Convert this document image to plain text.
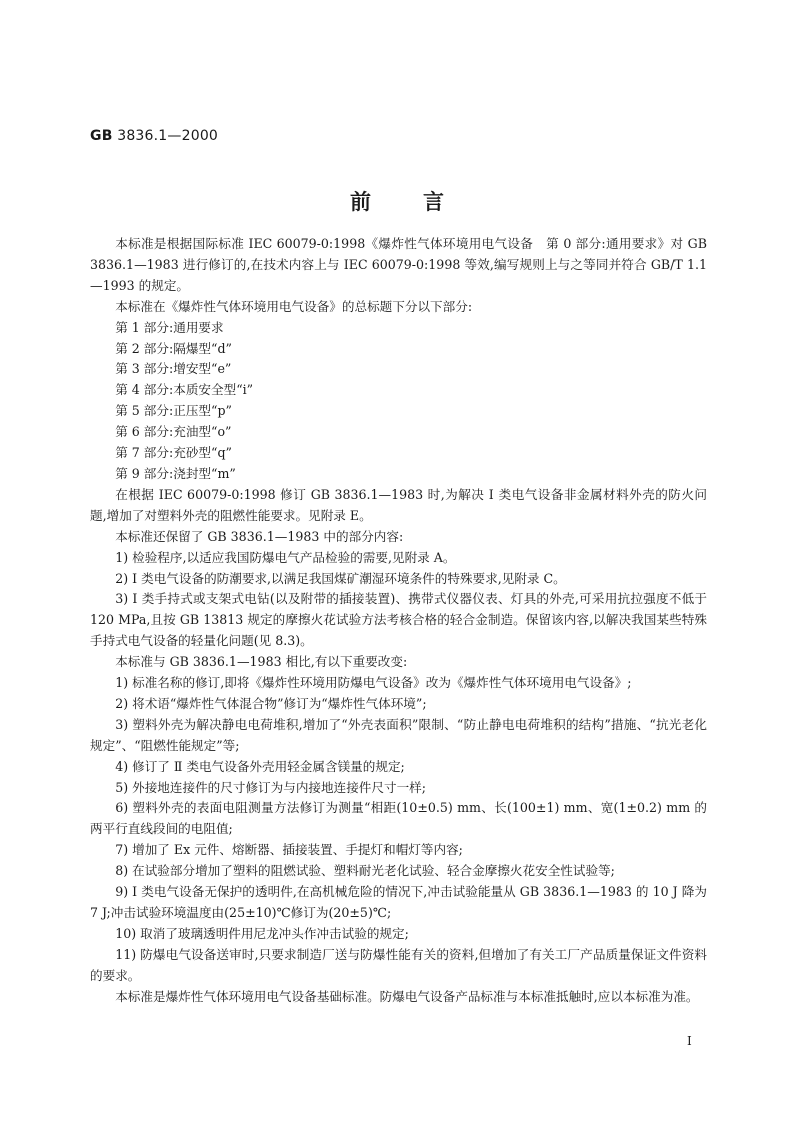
GB 3836.1—2000
前言

本标准是根据国际标准 IEC 60079-0:1998《爆炸性气体环境用电气设备　第 0 部分:通用要求》对 GB 3836.1—1983 进行修订的,在技术内容上与 IEC 60079-0:1998 等效,编写规则上与之等同并符合 GB/T 1.1—1993 的规定。

本标准在《爆炸性气体环境用电气设备》的总标题下分以下部分:

第 1 部分:通用要求

第 2 部分:隔爆型“d”

第 3 部分:增安型“e”

第 4 部分:本质安全型“i”

第 5 部分:正压型“p”

第 6 部分:充油型“o”

第 7 部分:充砂型“q”

第 9 部分:浇封型“m”

在根据 IEC 60079-0:1998 修订 GB 3836.1—1983 时,为解决 Ⅰ 类电气设备非金属材料外壳的防火问题,增加了对塑料外壳的阻燃性能要求。见附录 E。

本标准还保留了 GB 3836.1—1983 中的部分内容:

1) 检验程序,以适应我国防爆电气产品检验的需要,见附录 A。

2) Ⅰ 类电气设备的防潮要求,以满足我国煤矿潮湿环境条件的特殊要求,见附录 C。

3) Ⅰ 类手持式或支架式电钻(以及附带的插接装置)、携带式仪器仪表、灯具的外壳,可采用抗拉强度不低于 120 MPa,且按 GB 13813 规定的摩擦火花试验方法考核合格的轻合金制造。保留该内容,以解决我国某些特殊手持式电气设备的轻量化问题(见 8.3)。

本标准与 GB 3836.1—1983 相比,有以下重要改变:

1) 标准名称的修订,即将《爆炸性环境用防爆电气设备》改为《爆炸性气体环境用电气设备》;

2) 将术语“爆炸性气体混合物”修订为“爆炸性气体环境”;

3) 塑料外壳为解决静电电荷堆积,增加了“外壳表面积”限制、“防止静电电荷堆积的结构”措施、“抗光老化规定”、“阻燃性能规定”等;

4) 修订了 Ⅱ 类电气设备外壳用轻金属含镁量的规定;

5) 外接地连接件的尺寸修订为与内接地连接件尺寸一样;

6) 塑料外壳的表面电阻测量方法修订为测量“相距(10±0.5) mm、长(100±1) mm、宽(1±0.2) mm 的两平行直线段间的电阻值;

7) 增加了 Ex 元件、熔断器、插接装置、手提灯和帽灯等内容;

8) 在试验部分增加了塑料的阻燃试验、塑料耐光老化试验、轻合金摩擦火花安全性试验等;

9) Ⅰ 类电气设备无保护的透明件,在高机械危险的情况下,冲击试验能量从 GB 3836.1—1983 的 10 J 降为 7 J;冲击试验环境温度由(25±10)℃修订为(20±5)℃;

10) 取消了玻璃透明件用尼龙冲头作冲击试验的规定;

11) 防爆电气设备送审时,只要求制造厂送与防爆性能有关的资料,但增加了有关工厂产品质量保证文件资料的要求。

本标准是爆炸性气体环境用电气设备基础标准。防爆电气设备产品标准与本标准抵触时,应以本标准为准。

Ⅰ
